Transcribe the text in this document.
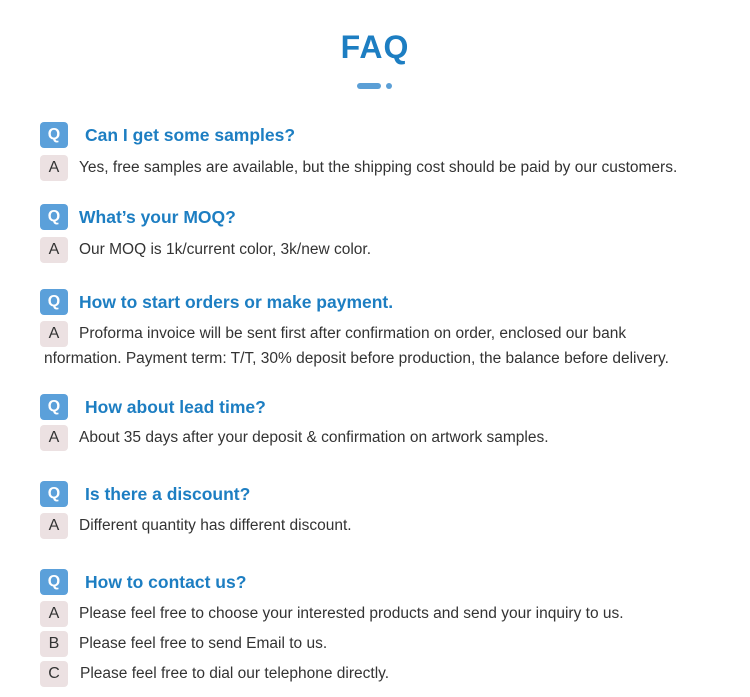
FAQ
Q	Can I get some samples?
A	Yes, free samples are available, but the shipping cost should be paid by our customers.
Q	What’s your MOQ?
A	Our MOQ is 1k/current color, 3k/new color.
Q	How to start orders or make payment.
A	Proforma invoice will be sent first after confirmation on order, enclosed our bank
nformation. Payment term: T/T, 30% deposit before production, the balance before delivery.
Q	How about lead time?
A	About 35 days after your deposit & confirmation on artwork samples.
Q	Is there a discount?
A	Different quantity has different discount.
Q	How to contact us?
A	Please feel free to choose your interested products and send your inquiry to us.
B	Please feel free to send Email to us.
C	Please feel free to dial our telephone directly.
